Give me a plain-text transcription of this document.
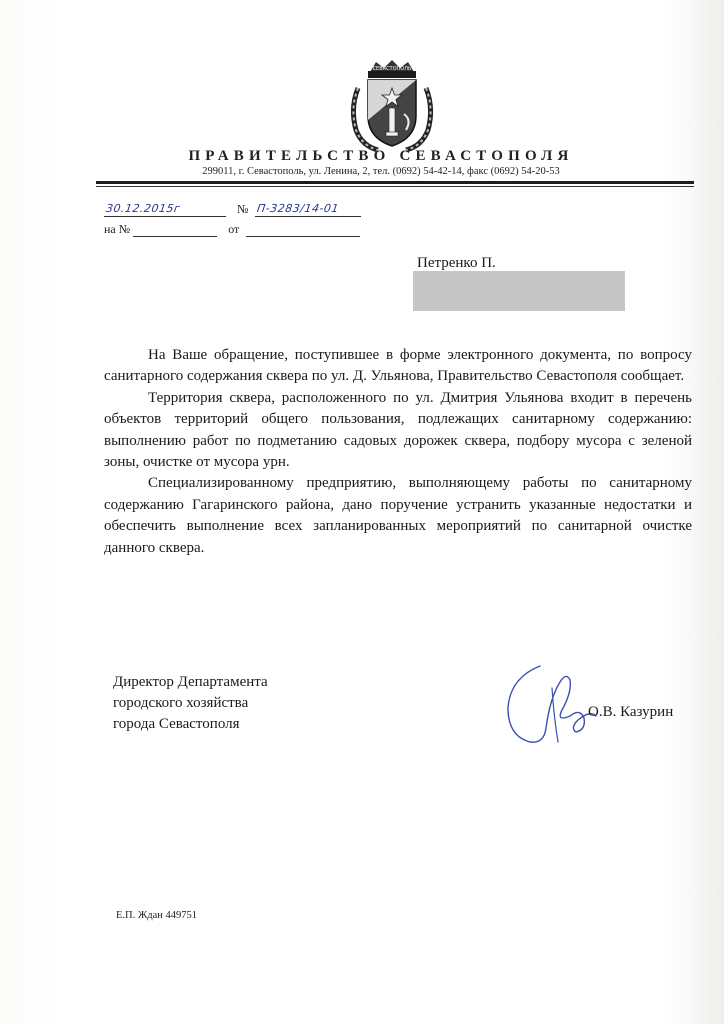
СЕВАСТОПОЛЬ
ПРАВИТЕЛЬСТВО СЕВАСТОПОЛЯ
299011, г. Севастополь, ул. Ленина, 2, тел. (0692) 54-42-14, факс (0692) 54-20-53
30.12.2015г	№ П-3283/14-01
на №	от
Петренко П.

На Ваше обращение, поступившее в форме электронного документа, по вопросу санитарного содержания сквера по ул. Д. Ульянова, Правительство Севастополя сообщает.

Территория сквера, расположенного по ул. Дмитрия Ульянова входит в перечень объектов территорий общего пользования, подлежащих санитарному содержанию: выполнению работ по подметанию садовых дорожек сквера, подбору мусора с зеленой зоны, очистке от мусора урн.

Специализированному предприятию, выполняющему работы по санитарному содержанию Гагаринского района, дано поручение устранить указанные недостатки и обеспечить выполнение всех запланированных мероприятий по санитарной очистке данного сквера.

Директор Департамента
городского хозяйства
города Севастополя
О.В. Казурин
Е.П. Ждан 449751
